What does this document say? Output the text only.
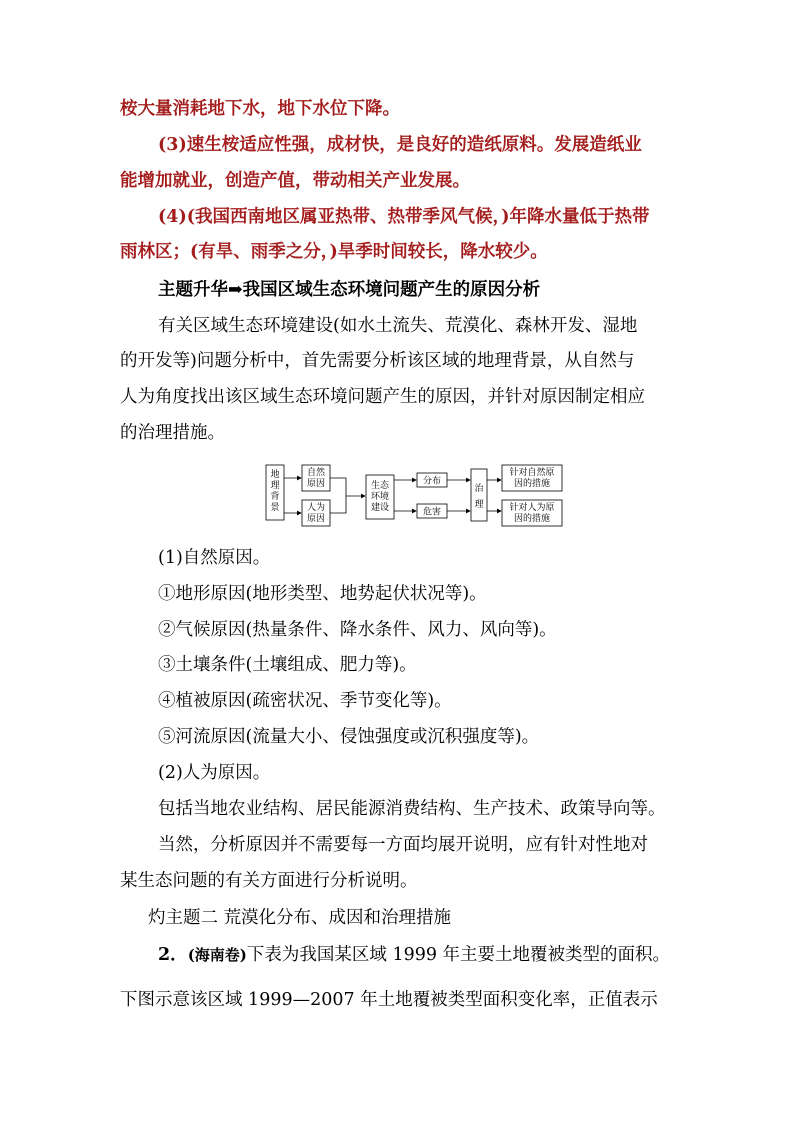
桉大量消耗地下水，地下水位下降。
(3)速生桉适应性强，成材快，是良好的造纸原料。发展造纸业
能增加就业，创造产值，带动相关产业发展。
(4)(我国西南地区属亚热带、热带季风气候，)年降水量低于热带
雨林区；(有旱、雨季之分，)旱季时间较长，降水较少。
主题升华➡我国区域生态环境问题产生的原因分析
有关区域生态环境建设(如水土流失、荒漠化、森林开发、湿地
的开发等)问题分析中，首先需要分析该区域的地理背景，从自然与
人为角度找出该区域生态环境问题产生的原因，并针对原因制定相应
的治理措施。
地
理
背
景
自然
原因
人为
原因
生态
环境
建设
分布
危害
治
理
针对自然原
因的措施
针对人为原
因的措施
(1)自然原因。
①地形原因(地形类型、地势起伏状况等)。
②气候原因(热量条件、降水条件、风力、风向等)。
③土壤条件(土壤组成、肥力等)。
④植被原因(疏密状况、季节变化等)。
⑤河流原因(流量大小、侵蚀强度或沉积强度等)。
(2)人为原因。
包括当地农业结构、居民能源消费结构、生产技术、政策导向等。
当然，分析原因并不需要每一方面均展开说明，应有针对性地对
某生态问题的有关方面进行分析说明。
灼主题二 荒漠化分布、成因和治理措施
2．(海南卷)下表为我国某区域 1999 年主要土地覆被类型的面积。
下图示意该区域 1999—2007 年土地覆被类型面积变化率，正值表示
